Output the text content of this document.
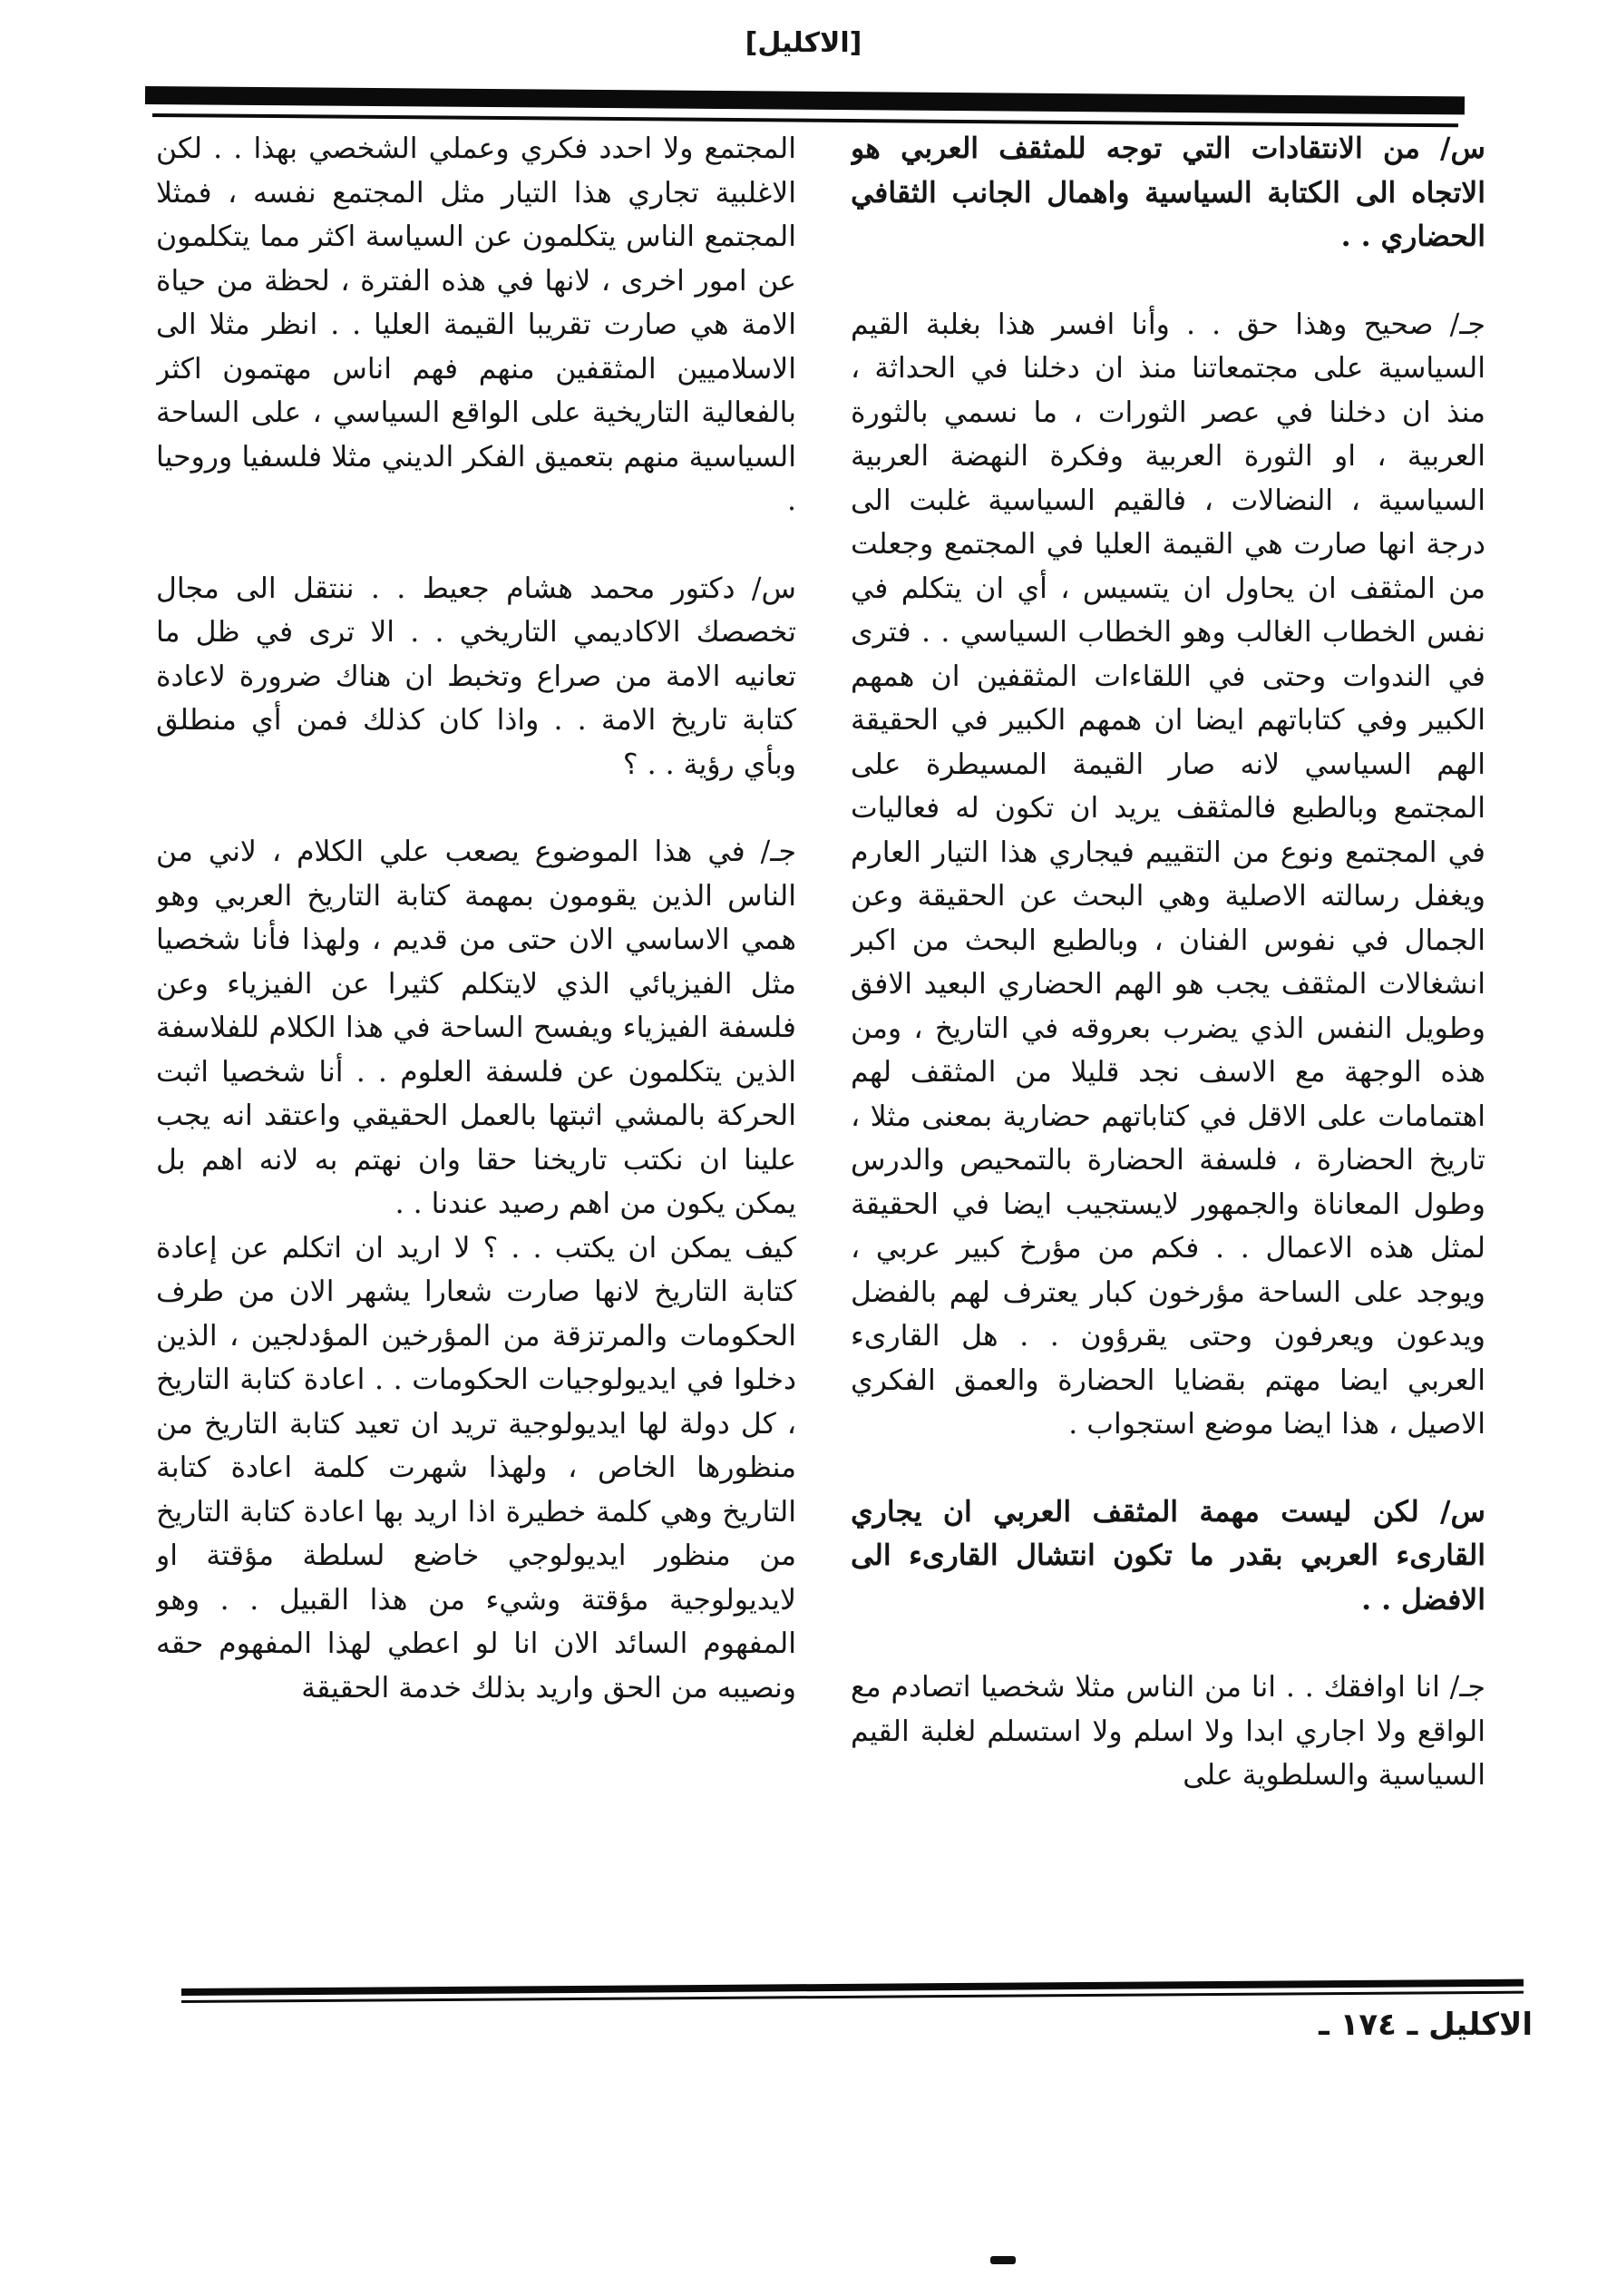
[الاكليل]

س/ من الانتقادات التي توجه للمثقف العربي هو الاتجاه الى الكتابة السياسية واهمال الجانب الثقافي الحضاري . .

جـ/ صحيح وهذا حق . . وأنا افسر هذا بغلبة القيم السياسية على مجتمعاتنا منذ ان دخلنا في الحداثة ، منذ ان دخلنا في عصر الثورات ، ما نسمي بالثورة العربية ، او الثورة العربية وفكرة النهضة العربية السياسية ، النضالات ، فالقيم السياسية غلبت الى درجة انها صارت هي القيمة العليا في المجتمع وجعلت من المثقف ان يحاول ان يتسيس ، أي ان يتكلم في نفس الخطاب الغالب وهو الخطاب السياسي . . فترى في الندوات وحتى في اللقاءات المثقفين ان همهم الكبير وفي كتاباتهم ايضا ان همهم الكبير في الحقيقة الهم السياسي لانه صار القيمة المسيطرة على المجتمع وبالطبع فالمثقف يريد ان تكون له فعاليات في المجتمع ونوع من التقييم فيجاري هذا التيار العارم ويغفل رسالته الاصلية وهي البحث عن الحقيقة وعن الجمال في نفوس الفنان ، وبالطبع البحث من اكبر انشغالات المثقف يجب هو الهم الحضاري البعيد الافق وطويل النفس الذي يضرب بعروقه في التاريخ ، ومن هذه الوجهة مع الاسف نجد قليلا من المثقف لهم اهتمامات على الاقل في كتاباتهم حضارية بمعنى مثلا ، تاريخ الحضارة ، فلسفة الحضارة بالتمحيص والدرس وطول المعاناة والجمهور لايستجيب ايضا في الحقيقة لمثل هذه الاعمال . . فكم من مؤرخ كبير عربي ، ويوجد على الساحة مؤرخون كبار يعترف لهم بالفضل ويدعون ويعرفون وحتى يقرؤون . . هل القارىء العربي ايضا مهتم بقضايا الحضارة والعمق الفكري الاصيل ، هذا ايضا موضع استجواب .

س/ لكن ليست مهمة المثقف العربي ان يجاري القارىء العربي بقدر ما تكون انتشال القارىء الى الافضل . .

جـ/ انا اوافقك . . انا من الناس مثلا شخصيا اتصادم مع الواقع ولا اجاري ابدا ولا اسلم ولا استسلم لغلبة القيم السياسية والسلطوية على

المجتمع ولا احدد فكري وعملي الشخصي بهذا . . لكن الاغلبية تجاري هذا التيار مثل المجتمع نفسه ، فمثلا المجتمع الناس يتكلمون عن السياسة اكثر مما يتكلمون عن امور اخرى ، لانها في هذه الفترة ، لحظة من حياة الامة هي صارت تقريبا القيمة العليا . . انظر مثلا الى الاسلاميين المثقفين منهم فهم اناس مهتمون اكثر بالفعالية التاريخية على الواقع السياسي ، على الساحة السياسية منهم بتعميق الفكر الديني مثلا فلسفيا وروحيا .

س/ دكتور محمد هشام جعيط . . ننتقل الى مجال تخصصك الاكاديمي التاريخي . . الا ترى في ظل ما تعانيه الامة من صراع وتخبط ان هناك ضرورة لاعادة كتابة تاريخ الامة . . واذا كان كذلك فمن أي منطلق وبأي رؤية . . ؟

جـ/ في هذا الموضوع يصعب علي الكلام ، لاني من الناس الذين يقومون بمهمة كتابة التاريخ العربي وهو همي الاساسي الان حتى من قديم ، ولهذا فأنا شخصيا مثل الفيزيائي الذي لايتكلم كثيرا عن الفيزياء وعن فلسفة الفيزياء ويفسح الساحة في هذا الكلام للفلاسفة الذين يتكلمون عن فلسفة العلوم . . أنا شخصيا اثبت الحركة بالمشي اثبتها بالعمل الحقيقي واعتقد انه يجب علينا ان نكتب تاريخنا حقا وان نهتم به لانه اهم بل يمكن يكون من اهم رصيد عندنا . .

كيف يمكن ان يكتب . . ؟ لا اريد ان اتكلم عن إعادة كتابة التاريخ لانها صارت شعارا يشهر الان من طرف الحكومات والمرتزقة من المؤرخين المؤدلجين ، الذين دخلوا في ايديولوجيات الحكومات . . اعادة كتابة التاريخ ، كل دولة لها ايديولوجية تريد ان تعيد كتابة التاريخ من منظورها الخاص ، ولهذا شهرت كلمة اعادة كتابة التاريخ وهي كلمة خطيرة اذا اريد بها اعادة كتابة التاريخ من منظور ايديولوجي خاضع لسلطة مؤقتة او لايديولوجية مؤقتة وشيء من هذا القبيل . . وهو المفهوم السائد الان انا لو اعطي لهذا المفهوم حقه ونصيبه من الحق واريد بذلك خدمة الحقيقة

الاكليل ـ ١٧٤ ـ
